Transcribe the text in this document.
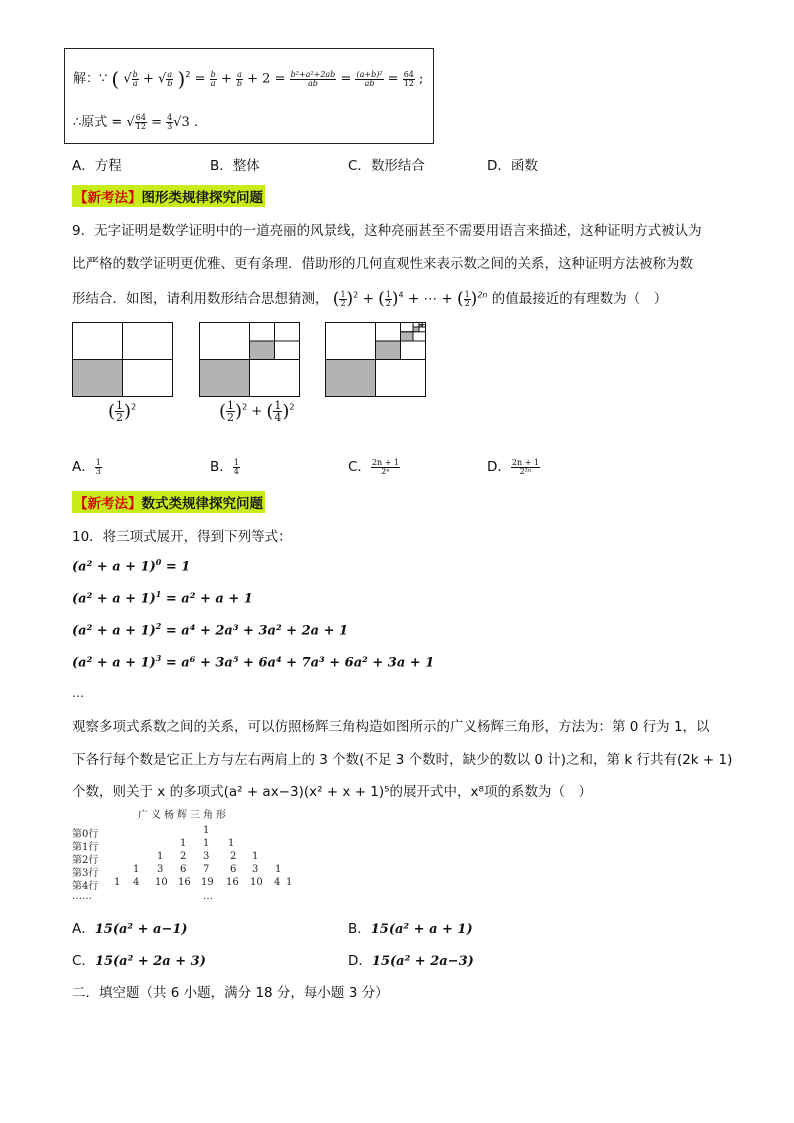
解：∵ ( √ $\frac{b}{a}$ + √ $\frac{a}{b} )^2 = \frac{b}{a} + \frac{a}{b} + 2 = \frac{\text{b²+a²+2ab}}{ab} = \frac{\text{(a+b)²}}{ab} = \frac{64}{12}$ ;
∴原式 = √ $\frac{64}{12} = \frac{4}{3} √3$ .
A．方程	B．整体	C．数形结合	D．函数
【新考法】图形类规律探究问题
9．无字证明是数学证明中的一道亮丽的风景线，这种亮丽甚至不需要用语言来描述，这种证明方式被认为
比严格的数学证明更优雅、更有条理．借助形的几何直观性来表示数之间的关系，这种证明方法被称为数
形结合．如图，请利用数形结合思想猜测， ( $\frac{1}{2} )^2$ + ( $\frac{1}{2} )^4$ + ⋯ + ( $\frac{1}{2} )^{2n}$ 的值最接近的有理数为（　）
( $\frac{1}{2} )^2$	( $\frac{1}{2} )^2$ + ( $\frac{1}{4} )^2$
A． $\frac{1}{3}$	B． $\frac{1}{4}$	C． $\frac{2n + 1}{\text{2ⁿ}}$	D． $\frac{2n + 1}{\text{2²ⁿ}}$
【新考法】数式类规律探究问题
10．将三项式展开，得到下列等式：
$(a^2 + a + 1)^0 = 1$
$(a^2 + a + 1)^1 = a^2 + a + 1$
$(a^2 + a + 1)^2 = a^4 + 2a^3 + 3a^2 + 2a + 1$
$(a^2 + a + 1)^3 = a^6 + 3a^5 + 6a^4 + 7a^3 + 6a^2 + 3a + 1$
…
观察多项式系数之间的关系，可以仿照杨辉三角构造如图所示的广义杨辉三角形，方法为：第 0 行为 1，以
下各行每个数是它正上方与左右两肩上的 3 个数(不足 3 个数时，缺少的数以 0 计)之和，第 k 行共有(2k + 1)
个数，则关于 x 的多项式(a² + ax−3)(x² + x + 1)⁵的展开式中，x⁸项的系数为（　）
广义杨辉三角形
第0行
第1行
第2行
第3行
第4行
……
1
1 1 1
1 2 3 2 1
1 3 6 7 6 3 1
1 4 10 16 19 16 10 4 1
…
A．15(a² + a−1)	B．15(a² + a + 1)
C．15(a² + 2a + 3)	D．15(a² + 2a−3)
二．填空题（共 6 小题，满分 18 分，每小题 3 分）
